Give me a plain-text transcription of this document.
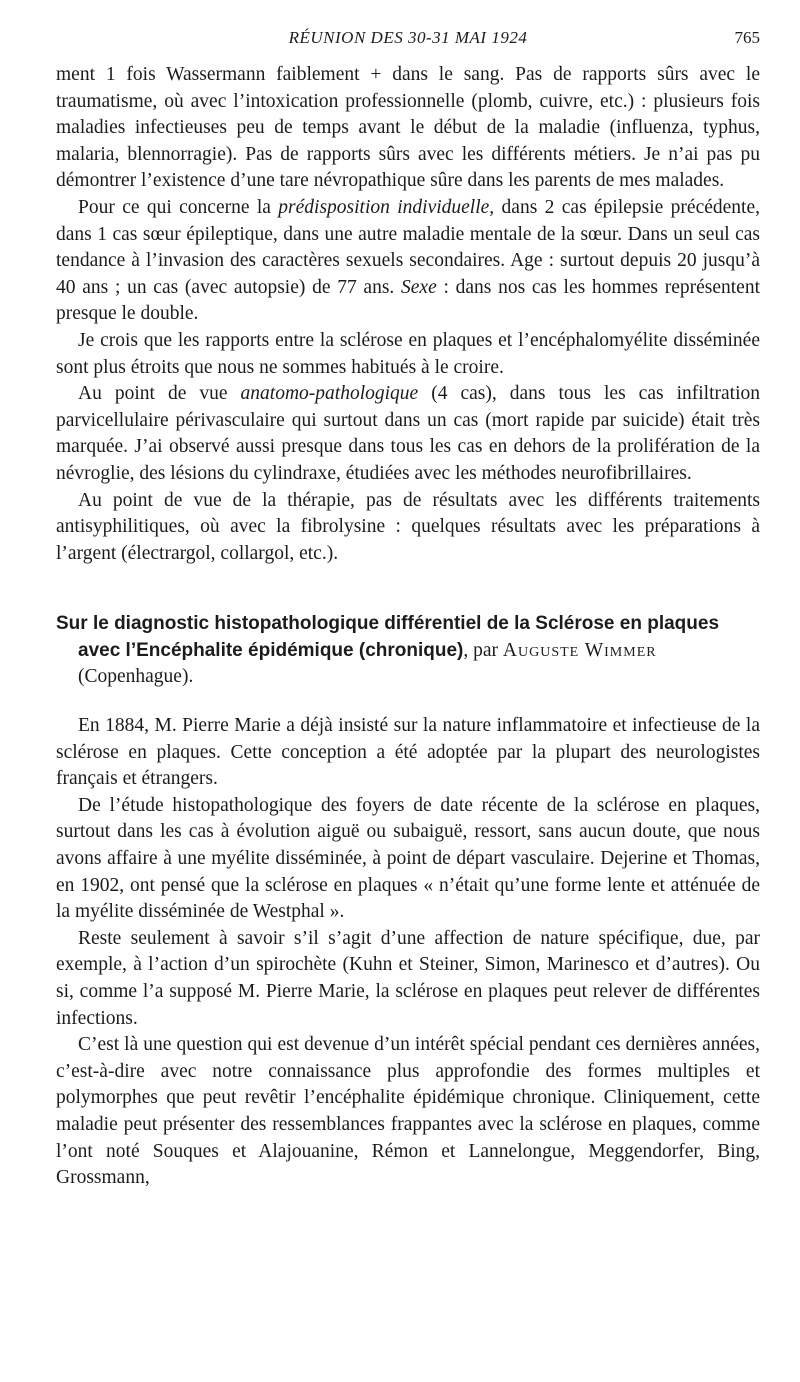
RÉUNION DES 30-31 MAI 1924	765

ment 1 fois Wassermann faiblement + dans le sang. Pas de rapports sûrs avec le traumatisme, où avec l’intoxication professionnelle (plomb, cuivre, etc.) : plusieurs fois maladies infectieuses peu de temps avant le début de la maladie (influenza, typhus, malaria, blennorragie). Pas de rapports sûrs avec les différents métiers. Je n’ai pas pu démontrer l’existence d’une tare névropathique sûre dans les parents de mes malades.

Pour ce qui concerne la prédisposition individuelle, dans 2 cas épilepsie précédente, dans 1 cas sœur épileptique, dans une autre maladie mentale de la sœur. Dans un seul cas tendance à l’invasion des caractères sexuels secondaires. Age : surtout depuis 20 jusqu’à 40 ans ; un cas (avec autopsie) de 77 ans. Sexe : dans nos cas les hommes représentent presque le double.

Je crois que les rapports entre la sclérose en plaques et l’encéphalomyélite disséminée sont plus étroits que nous ne sommes habitués à le croire.

Au point de vue anatomo-pathologique (4 cas), dans tous les cas infiltration parvicellulaire périvasculaire qui surtout dans un cas (mort rapide par suicide) était très marquée. J’ai observé aussi presque dans tous les cas en dehors de la prolifération de la névroglie, des lésions du cylindraxe, étudiées avec les méthodes neurofibrillaires.

Au point de vue de la thérapie, pas de résultats avec les différents traitements antisyphilitiques, où avec la fibrolysine : quelques résultats avec les préparations à l’argent (électrargol, collargol, etc.).

Sur le diagnostic histopathologique différentiel de la Sclérose en plaques avec l’Encéphalite épidémique (chronique), par Auguste Wimmer (Copenhague).

En 1884, M. Pierre Marie a déjà insisté sur la nature inflammatoire et infectieuse de la sclérose en plaques. Cette conception a été adoptée par la plupart des neurologistes français et étrangers.

De l’étude histopathologique des foyers de date récente de la sclérose en plaques, surtout dans les cas à évolution aiguë ou subaiguë, ressort, sans aucun doute, que nous avons affaire à une myélite disséminée, à point de départ vasculaire. Dejerine et Thomas, en 1902, ont pensé que la sclérose en plaques « n’était qu’une forme lente et atténuée de la myélite disséminée de Westphal ».

Reste seulement à savoir s’il s’agit d’une affection de nature spécifique, due, par exemple, à l’action d’un spirochète (Kuhn et Steiner, Simon, Marinesco et d’autres). Ou si, comme l’a supposé M. Pierre Marie, la sclérose en plaques peut relever de différentes infections.

C’est là une question qui est devenue d’un intérêt spécial pendant ces dernières années, c’est-à-dire avec notre connaissance plus approfondie des formes multiples et polymorphes que peut revêtir l’encéphalite épidémique chronique. Cliniquement, cette maladie peut présenter des ressemblances frappantes avec la sclérose en plaques, comme l’ont noté Souques et Alajouanine, Rémon et Lannelongue, Meggendorfer, Bing, Grossmann,
